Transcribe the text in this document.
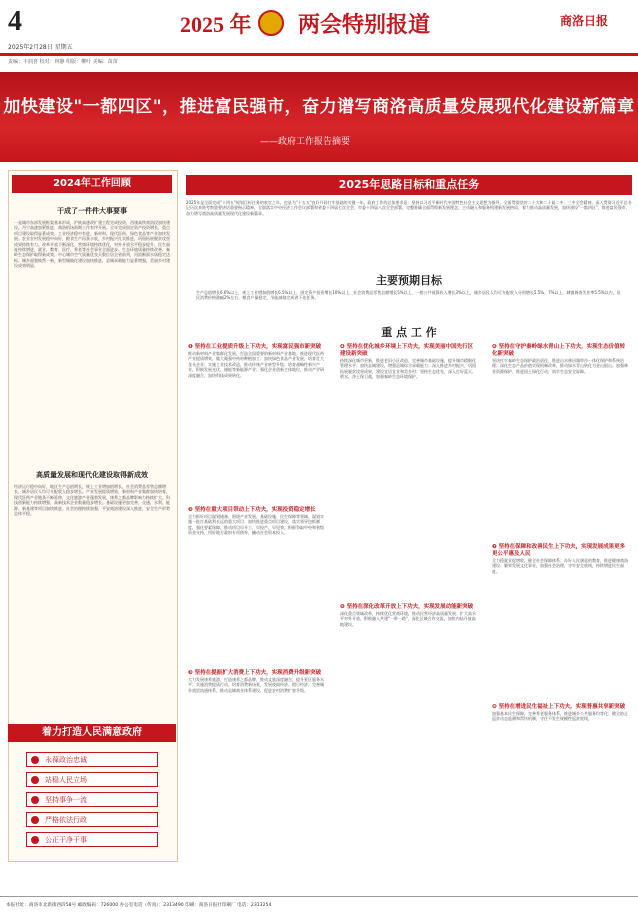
4
2025年2月28日 星期五
2025 年 两会特别报道	商洛日报
责编：丰润喜 校对：林静 组版：柳叶 美编：苗苗
加快建设"一都四区"，推进富民强市，奋力谱写商洛高质量发展现代化建设新篇章
——政府工作报告摘要
2024年工作回顾
干成了一件件大事要事
一是城市东部发展框架基本形成，沪陕高速改扩建工程完成投资，西康高铁商洛段加快建设，丹宁高速加紧推进，商洛机场前期工作有序开展。全年完成固定资产投资增长，重点项目建设取得显著成效，工业经济稳中有进，新材料、现代医药、绿色食品等产业加快发展。农业农村发展稳中向好，粮食生产再获丰收，乡村振兴扎实推进，巩固拓展脱贫攻坚成果持续有力。改革开放不断深化，营商环境持续优化，对外开放水平稳步提升。民生福祉持续增进，就业、教育、医疗、养老等社会事业全面进步。生态环境质量持续改善，秦岭生态保护取得新成效，中心城市空气质量优良天数位居全省前列，河流断面水质稳定达标。城乡面貌焕然一新，新型城镇化建设加快推进，县城承载能力显著增强，美丽乡村建设成效明显。
高质量发展和现代化建设取得新成效
经济运行稳中向好，地区生产总值增长，规上工业增加值增长，社会消费品零售总额增长，城乡居民人均可支配收入稳步增长。产业发展提质增效，新材料产业集群加快培育，现代医药产业链条不断延伸，文化旅游产业蓬勃发展，康养之都品牌影响力持续扩大。科技创新能力持续增强，高新技术企业数量稳步增长。基础设施更加完善，交通、水利、能源、新基建等项目加快推进。社会治理持续加强，平安商洛建设深入推进，安全生产形势总体平稳。
着力打造人民满意政府
永葆政治忠诚
站稳人民立场
坚持事争一流
严格依法行政
公正干净干事
2025年思路目标和重点任务
2025年是全面完成"十四五"规划目标任务的收官之年，也是为"十五五"良好开局打牢基础的关键一年。政府工作的总体要求是：坚持以习近平新时代中国特色社会主义思想为指导，全面贯彻党的二十大和二十届二中、三中全会精神，深入贯彻习近平总书记历次来陕考察重要讲话重要指示精神，全面落实中央经济工作会议部署和省委十四届七次全会、市委十四届八次全会部署，完整准确全面贯彻新发展理念，主动融入和服务构建新发展格局，着力推动高质量发展，加快建设"一都四区"，推进富民强市，奋力谱写商洛高质量发展现代化建设新篇章。
主要预期目标
生产总值增长6.6%以上，规上工业增加值增长6.5%以上，固定资产投资增长10%以上，社会消费品零售总额增长5%以上，一般公共预算收入增长3%以上，城乡居民人均可支配收入分别增长5.5%、7%以上，城镇调查失业率5.5%以内，居民消费价格涨幅2%左右，粮食产量稳定，节能减排完成省下达任务。
重 点 工 作
❶ 坚持在工业提质升级上下功夫，实现富民强市新突破
推动新材料产业集群化发展，打造全国重要的新材料产业基地；推进现代医药产业提质增效，做大做强中药材种植加工；加快绿色食品产业发展，培育壮大龙头企业；实施工业技术改造，推动传统产业转型升级；培育战略性新兴产业，积极发展光伏、储能等新能源产业；强化企业创新主体地位，推动产学研深度融合，加快科技成果转化。
❷ 坚持在重大项目带动上下功夫，实现投资稳定增长
全力抓好项目谋划储备，围绕产业发展、基础设施、民生保障等领域，谋划实施一批打基础利长远的重大项目；加快推进重点项目建设，落实领导包抓制度，强化要素保障，推动项目早开工、早投产、早见效；积极争取中央和省级资金支持，用好地方政府专项债券，撬动社会资本投入。
❸ 坚持在提振扩大消费上下功夫，实现消费升级新突破
大力发展康养旅游，打造康养之都品牌，推动文旅深度融合，提升景区服务水平；实施消费提质行动，培育消费新场景，发展夜间经济、假日经济；完善城乡商贸流通体系，推动县域商业体系建设，促进农村消费扩容升级。
❹ 坚持在优化城乡环境上下功夫，实现美丽中国先行区建设新突破
持续深化城市更新，推进老旧小区改造，完善城市基础设施，提升城市精细化管理水平；加快县城建设，增强县城综合承载能力；深入推进乡村振兴，巩固拓展脱贫攻坚成果，建设宜居宜业和美乡村；坚持生态优先，深入打好蓝天、碧水、净土保卫战，加强秦岭生态环境保护。
❺ 坚持在深化改革开放上下功夫，实现发展动能新突破
深化重点领域改革，持续优化营商环境，推动民营经济高质量发展；扩大高水平对外开放，积极融入共建"一带一路"，深化区域合作交流，加快内陆开放高地建设。
❻ 坚持在守护秦岭绿水青山上下功夫，实现生态价值转化新突破
坚决扛牢秦岭生态保护政治责任，推进山水林田湖草沙一体化保护和系统治理；深化生态产品价值实现机制改革，推动绿水青山转化为金山银山；加强林业资源保护，推进国土绿化行动，筑牢生态安全屏障。
❼ 坚持在保障和改善民生上下功夫，实现发展成果更多更公平惠及人民
全力稳就业促增收，健全社会保障体系；办好人民满意的教育，推进健康商洛建设；繁荣发展文化事业，加强社会治理，守牢安全底线，持续增进民生福祉。
❽ 坚持在增进民生福祉上下功夫，实现普惠共享新突破
加强基本民生保障，完善养老服务体系，推进城乡公共服务均等化；健全防止返贫动态监测和帮扶机制，守住不发生规模性返贫底线。
本报社址：商洛市北新街西段58号 邮政编码：726000 办公室电话（传真）：2313490 印刷：商洛日报社印刷厂 电话：2313254
